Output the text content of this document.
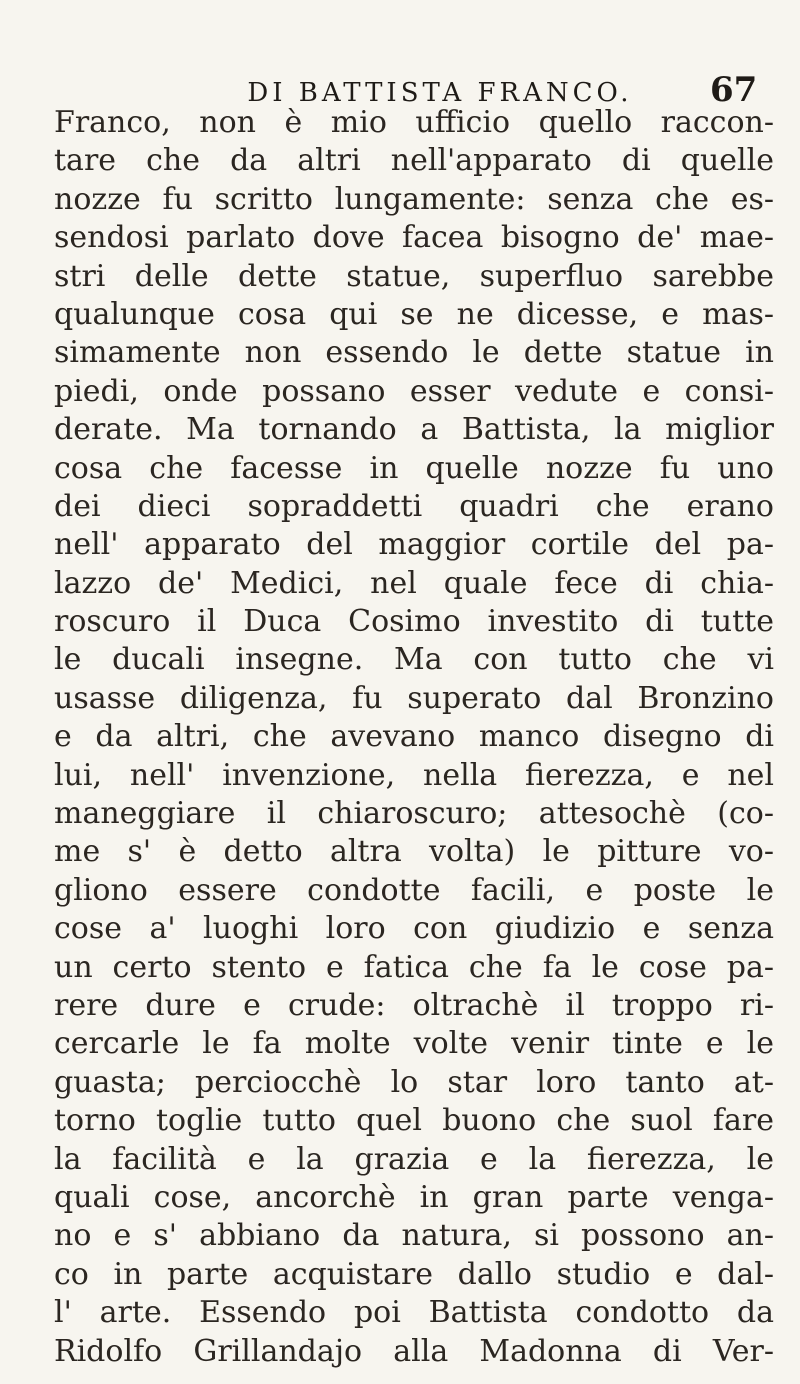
DI BATTISTA FRANCO.	67
Franco, non è mio ufficio quello raccon-
tare che da altri nell'apparato di quelle
nozze fu scritto lungamente: senza che es-
sendosi parlato dove facea bisogno de' mae-
stri delle dette statue, superfluo sarebbe
qualunque cosa qui se ne dicesse, e mas-
simamente non essendo le dette statue in
piedi, onde possano esser vedute e consi-
derate. Ma tornando a Battista, la miglior
cosa che facesse in quelle nozze fu uno
dei dieci sopraddetti quadri che erano
nell' apparato del maggior cortile del pa-
lazzo de' Medici, nel quale fece di chia-
roscuro il Duca Cosimo investito di tutte
le ducali insegne. Ma con tutto che vi
usasse diligenza, fu superato dal Bronzino
e da altri, che avevano manco disegno di
lui, nell' invenzione, nella fierezza, e nel
maneggiare il chiaroscuro; attesochè (co-
me s' è detto altra volta) le pitture vo-
gliono essere condotte facili, e poste le
cose a' luoghi loro con giudizio e senza
un certo stento e fatica che fa le cose pa-
rere dure e crude: oltrachè il troppo ri-
cercarle le fa molte volte venir tinte e le
guasta; perciocchè lo star loro tanto at-
torno toglie tutto quel buono che suol fare
la facilità e la grazia e la fierezza, le
quali cose, ancorchè in gran parte venga-
no e s' abbiano da natura, si possono an-
co in parte acquistare dallo studio e dal-
l' arte. Essendo poi Battista condotto da
Ridolfo Grillandajo alla Madonna di Ver-
